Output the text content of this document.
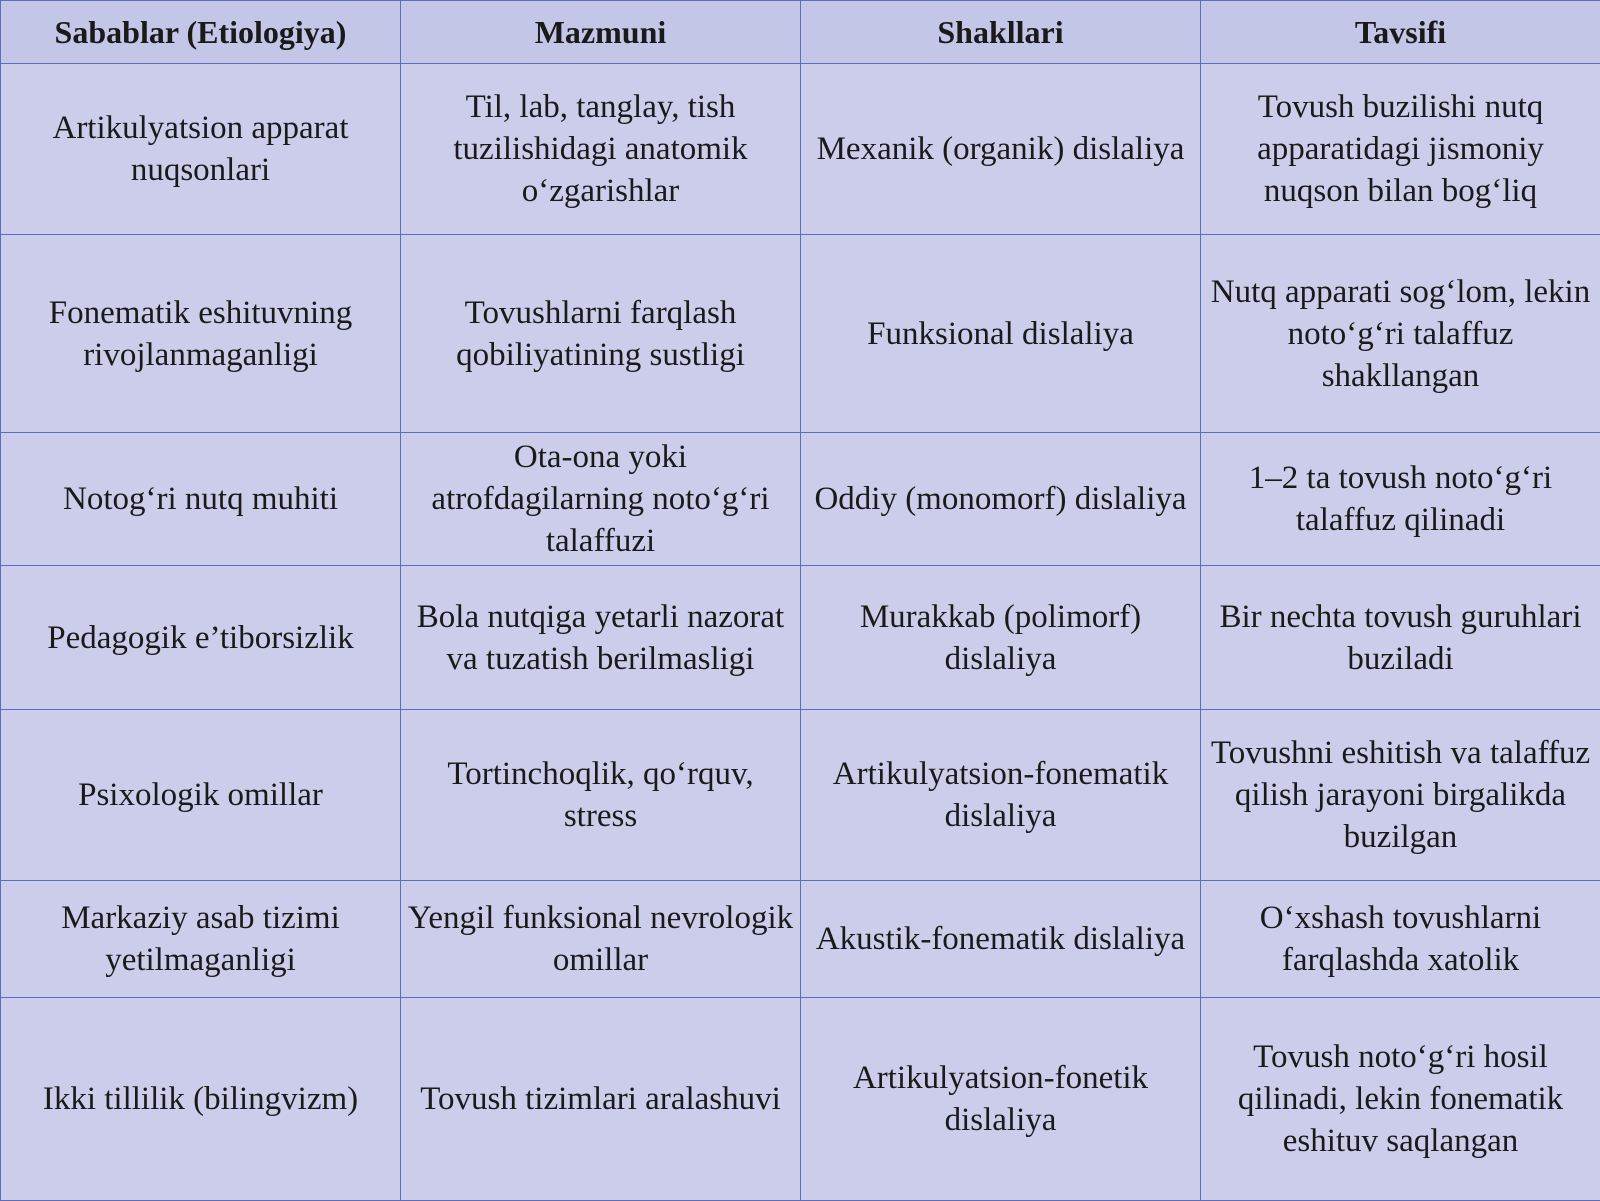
Sabablar (Etiologiya)	Mazmuni	Shakllari	Tavsifi
Artikulyatsion apparat nuqsonlari	Til, lab, tanglay, tish tuzilishidagi anatomik o‘zgarishlar	Mexanik (organik) dislaliya	Tovush buzilishi nutq apparatidagi jismoniy nuqson bilan bog‘liq
Fonematik eshituvning rivojlanmaganligi	Tovushlarni farqlash qobiliyatining sustligi	Funksional dislaliya	Nutq apparati sog‘lom, lekin noto‘g‘ri talaffuz shakllangan
Notog‘ri nutq muhiti	Ota-ona yoki atrofdagilarning noto‘g‘ri talaffuzi	Oddiy (monomorf) dislaliya	1–2 ta tovush noto‘g‘ri talaffuz qilinadi
Pedagogik e’tiborsizlik	Bola nutqiga yetarli nazorat va tuzatish berilmasligi	Murakkab (polimorf) dislaliya	Bir nechta tovush guruhlari buziladi
Psixologik omillar	Tortinchoqlik, qo‘rquv, stress	Artikulyatsion-fonematik dislaliya	Tovushni eshitish va talaffuz qilish jarayoni birgalikda buzilgan
Markaziy asab tizimi yetilmaganligi	Yengil funksional nevrologik omillar	Akustik-fonematik dislaliya	O‘xshash tovushlarni farqlashda xatolik
Ikki tillilik (bilingvizm)	Tovush tizimlari aralashuvi	Artikulyatsion-fonetik dislaliya	Tovush noto‘g‘ri hosil qilinadi, lekin fonematik eshituv saqlangan
